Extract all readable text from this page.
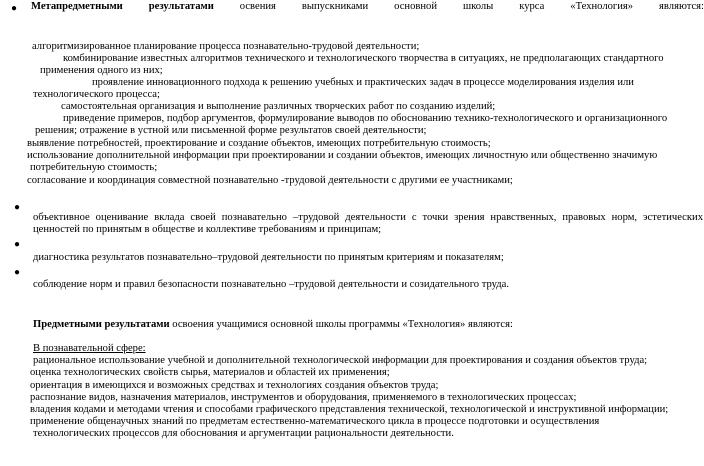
● Метапредметными результатами освения выпускниками основной школы курса «Технология» являются:
алгоритмизированное планирование процесса познавательно-трудовой деятельности;
комбинирование известных алгоритмов технического и технологического творчества в ситуациях, не предполагающих стандартного
применения одного из них;
проявление инновационного подхода к решению учебных и практических задач в процессе моделирования изделия или
технологического процесса;
самостоятельная организация и выполнение различных творческих работ по созданию изделий;
приведение примеров, подбор аргументов, формулирование выводов по обоснованию технико-технологического и организационного
решения; отражение в устной или письменной форме результатов своей деятельности;
выявление потребностей, проектирование и создание объектов, имеющих потребительную стоимость;
использование дополнительной информации при проектировании и создании объектов, имеющих личностную или общественно значимую
потребительную стоимость;
согласование и координация совместной познавательно -трудовой деятельности с другими ее участниками;
●
объективное оценивание вклада своей познавательно –трудовой деятельности с точки зрения нравственных, правовых норм, эстетических
ценностей по принятым в обществе и коллективе требованиям и принципам;
●
диагностика результатов познавательно–трудовой деятельности по принятым критериям и показателям;
●
соблюдение норм и правил безопасности познавательно –трудовой деятельности и созидательного труда.
Предметными результатами освоения учащимися основной школы программы «Технология» являются:
В познавательной сфере:
рациональное использование учебной и дополнительной технологической информации для проектирования и создания объектов труда;
оценка технологических свойств сырья, материалов и областей их применения;
ориентация в имеющихся и возможных средствах и технологиях создания объектов труда;
распознание видов, назначения материалов, инструментов и оборудования, применяемого в технологических процессах;
владения кодами и методами чтения и способами графического представления технической, технологической и инструктивной информации;
применение общенаучных знаний по предметам естественно-математического цикла в процессе подготовки и осуществления
технологических процессов для обоснования и аргументации рациональности деятельности.
